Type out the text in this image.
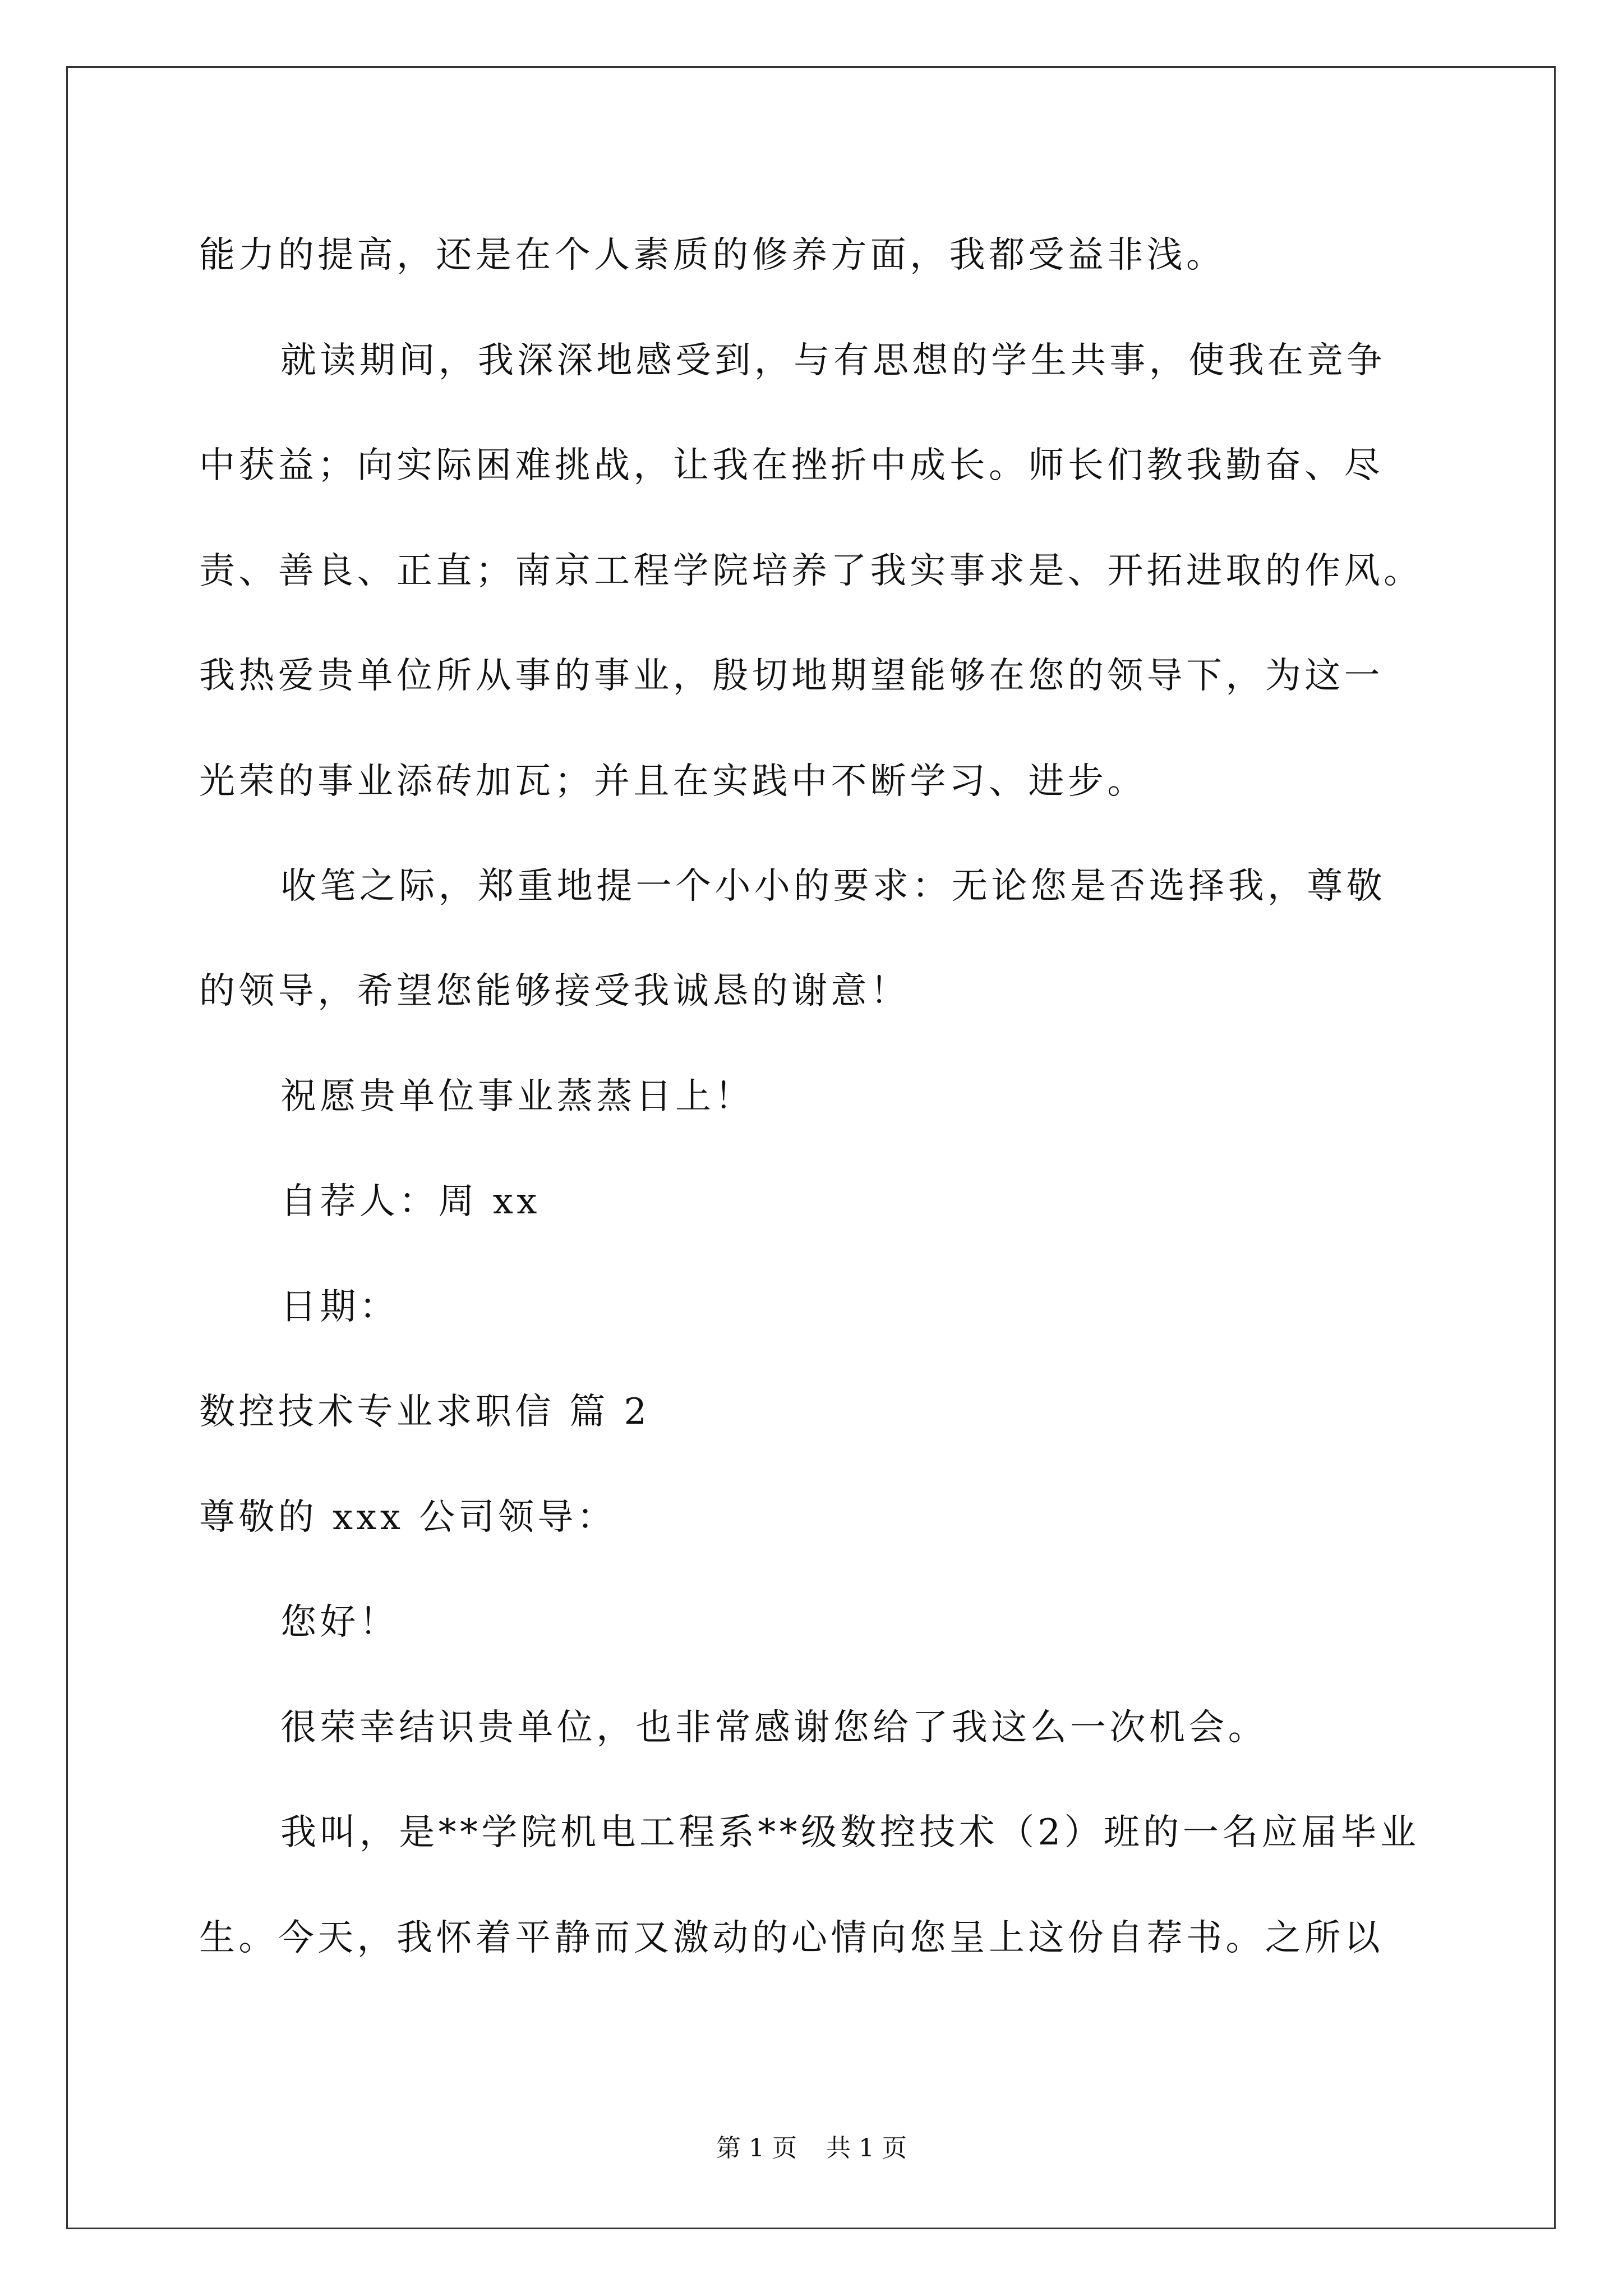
能力的提高，还是在个人素质的修养方面，我都受益非浅。
就读期间，我深深地感受到，与有思想的学生共事，使我在竞争
中获益；向实际困难挑战，让我在挫折中成长。师长们教我勤奋、尽
责、善良、正直；南京工程学院培养了我实事求是、开拓进取的作风。
我热爱贵单位所从事的事业，殷切地期望能够在您的领导下，为这一
光荣的事业添砖加瓦；并且在实践中不断学习、进步。
收笔之际，郑重地提一个小小的要求：无论您是否选择我，尊敬
的领导，希望您能够接受我诚恳的谢意！
祝愿贵单位事业蒸蒸日上！
自荐人：周 xx
日期：
数控技术专业求职信 篇 2
尊敬的 xxx 公司领导：
您好！
很荣幸结识贵单位，也非常感谢您给了我这么一次机会。
我叫，是**学院机电工程系**级数控技术（2）班的一名应届毕业
生。今天，我怀着平静而又激动的心情向您呈上这份自荐书。之所以
第 1 页 共 1 页
